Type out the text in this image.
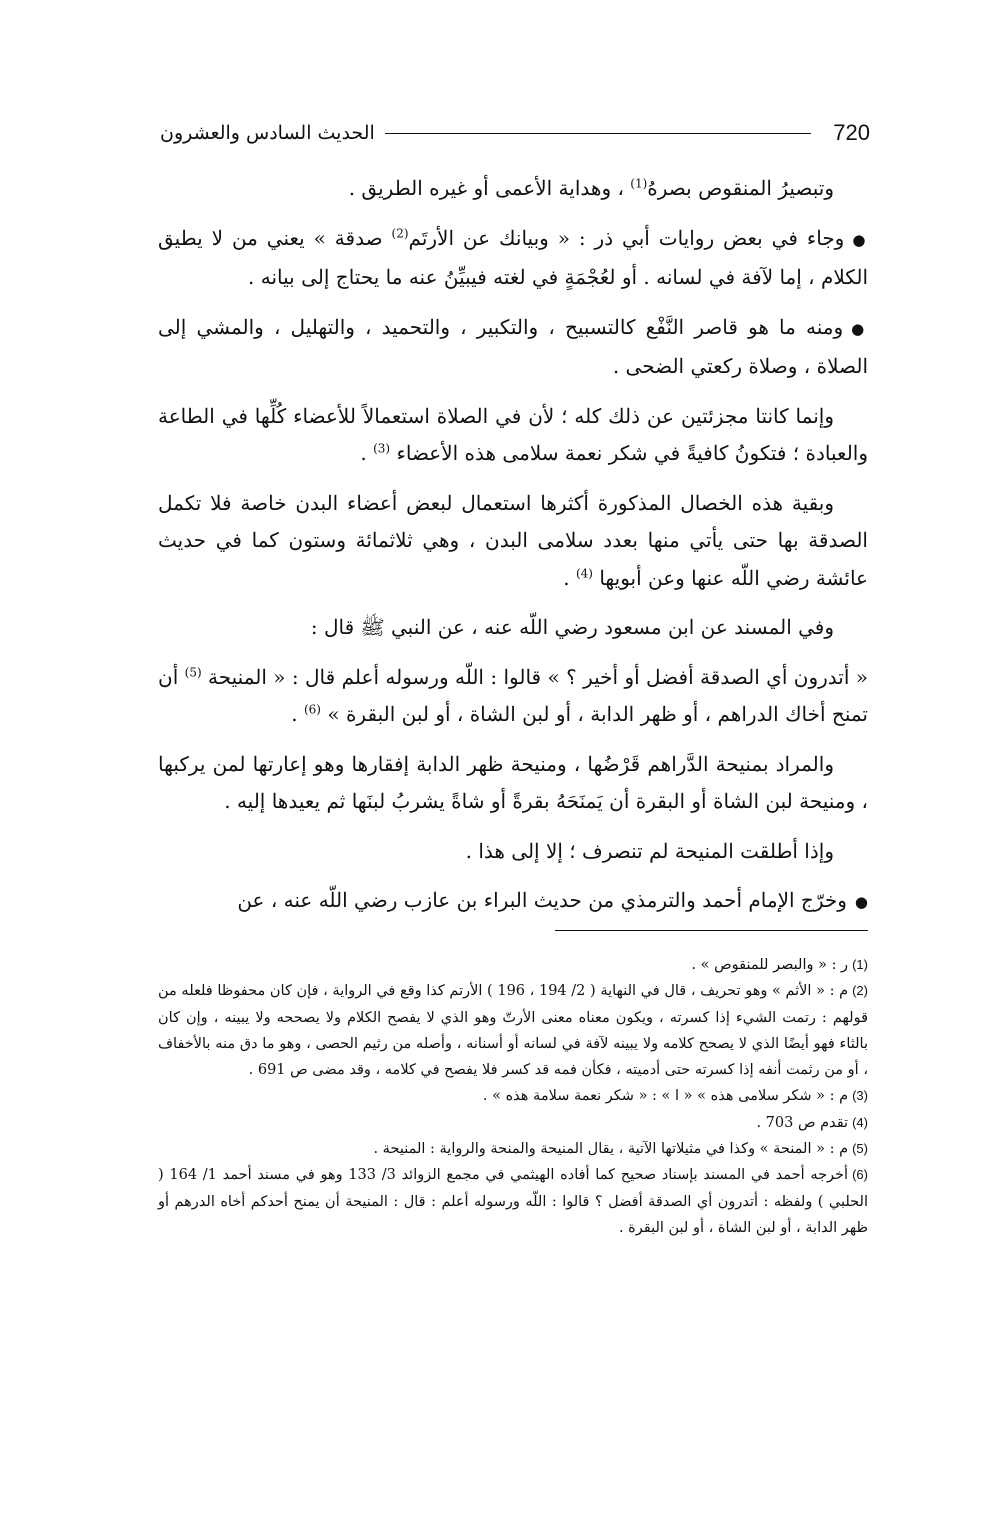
720
الحديث السادس والعشرون

وتبصيرُ المنقوص بصرهُ$^{(1)}$ ، وهداية الأعمى أو غيره الطريق .

●وجاء في بعض روايات أبي ذر : « وبيانك عن الأرتَم$^{(2)}$ صدقة » يعني من لا يطيق الكلام ، إما لآفة في لسانه . أو لعُجْمَةٍ في لغته فيبيِّنُ عنه ما يحتاج إلى بيانه .

●ومنه ما هو قاصر النَّفْع كالتسبيح ، والتكبير ، والتحميد ، والتهليل ، والمشي إلى الصلاة ، وصلاة ركعتي الضحى .

وإنما كانتا مجزئتين عن ذلك كله ؛ لأن في الصلاة استعمالاً للأعضاء كُلِّها في الطاعة والعبادة ؛ فتكونُ كافيةً في شكر نعمة سلامى هذه الأعضاء $^{(3)}$ .

وبقية هذه الخصال المذكورة أكثرها استعمال لبعض أعضاء البدن خاصة فلا تكمل الصدقة بها حتى يأتي منها بعدد سلامى البدن ، وهي ثلاثمائة وستون كما في حديث عائشة رضي اللّه عنها وعن أبويها $^{(4)}$ .

وفي المسند عن ابن مسعود رضي اللّه عنه ، عن النبي ﷺ قال :

« أتدرون أي الصدقة أفضل أو أخير ؟ » قالوا : اللّه ورسوله أعلم قال : « المنيحة $^{(5)}$ أن تمنح أخاك الدراهم ، أو ظهر الدابة ، أو لبن الشاة ، أو لبن البقرة » $^{(6)}$ .

والمراد بمنيحة الدَّراهم قَرْضُها ، ومنيحة ظهر الدابة إفقارها وهو إعارتها لمن يركبها ، ومنيحة لبن الشاة أو البقرة أن يَمنَحَهُ بقرةً أو شاةً يشربُ لبنَها ثم يعيدها إليه .

وإذا أطلقت المنيحة لم تنصرف ؛ إلا إلى هذا .

●وخرّج الإمام أحمد والترمذي من حديث البراء بن عازب رضي اللّه عنه ، عن

(1)ر : « والبصر للمنقوص » .

(2)م : « الأثم » وهو تحريف ، قال في النهاية ( 2/ 194 ، 196 ) الأرتم كذا وقع في الرواية ، فإن كان محفوظا فلعله من قولهم : رتمت الشيء إذا كسرته ، ويكون معناه معنى الأرتّ وهو الذي لا يفصح الكلام ولا يصححه ولا يبينه ، وإن كان بالثاء فهو أيضًا الذي لا يصحح كلامه ولا يبينه لآفة في لسانه أو أسنانه ، وأصله من رثيم الحصى ، وهو ما دق منه بالأخفاف ، أو من رثمت أنفه إذا كسرته حتى أدميته ، فكأن فمه قد كسر فلا يفصح في كلامه ، وقد مضى ص 691 .

(3)م : « شكر سلامى هذه » « ا » : « شكر نعمة سلامة هذه » .

(4)تقدم ص 703 .

(5)م : « المنحة » وكذا في مثيلاتها الآتية ، يقال المنيحة والمنحة والرواية : المنيحة .

(6)أخرجه أحمد في المسند بإسناد صحيح كما أفاده الهيثمي في مجمع الزوائد 3/ 133 وهو في مسند أحمد 1/ 164 ( الحلبي ) ولفظه : أتدرون أي الصدقة أفضل ؟ قالوا : اللّه ورسوله أعلم : قال : المنيحة أن يمنح أحدكم أخاه الدرهم أو ظهر الدابة ، أو لبن الشاة ، أو لبن البقرة .
